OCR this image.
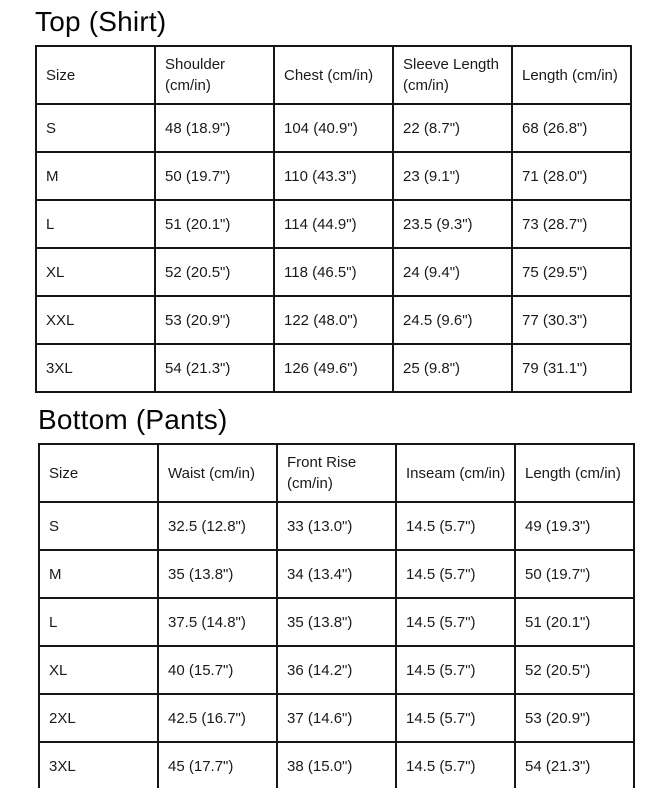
Top (Shirt)
Size	Shoulder (cm/in)	Chest (cm/in)	Sleeve Length (cm/in)	Length (cm/in)
S	48 (18.9")	104 (40.9")	22 (8.7")	68 (26.8")
M	50 (19.7")	110 (43.3")	23 (9.1")	71 (28.0")
L	51 (20.1")	114 (44.9")	23.5 (9.3")	73 (28.7")
XL	52 (20.5")	118 (46.5")	24 (9.4")	75 (29.5")
XXL	53 (20.9")	122 (48.0")	24.5 (9.6")	77 (30.3")
3XL	54 (21.3")	126 (49.6")	25 (9.8")	79 (31.1")
Bottom (Pants)
Size	Waist (cm/in)	Front Rise (cm/in)	Inseam (cm/in)	Length (cm/in)
S	32.5 (12.8")	33 (13.0")	14.5 (5.7")	49 (19.3")
M	35 (13.8")	34 (13.4")	14.5 (5.7")	50 (19.7")
L	37.5 (14.8")	35 (13.8")	14.5 (5.7")	51 (20.1")
XL	40 (15.7")	36 (14.2")	14.5 (5.7")	52 (20.5")
2XL	42.5 (16.7")	37 (14.6")	14.5 (5.7")	53 (20.9")
3XL	45 (17.7")	38 (15.0")	14.5 (5.7")	54 (21.3")
